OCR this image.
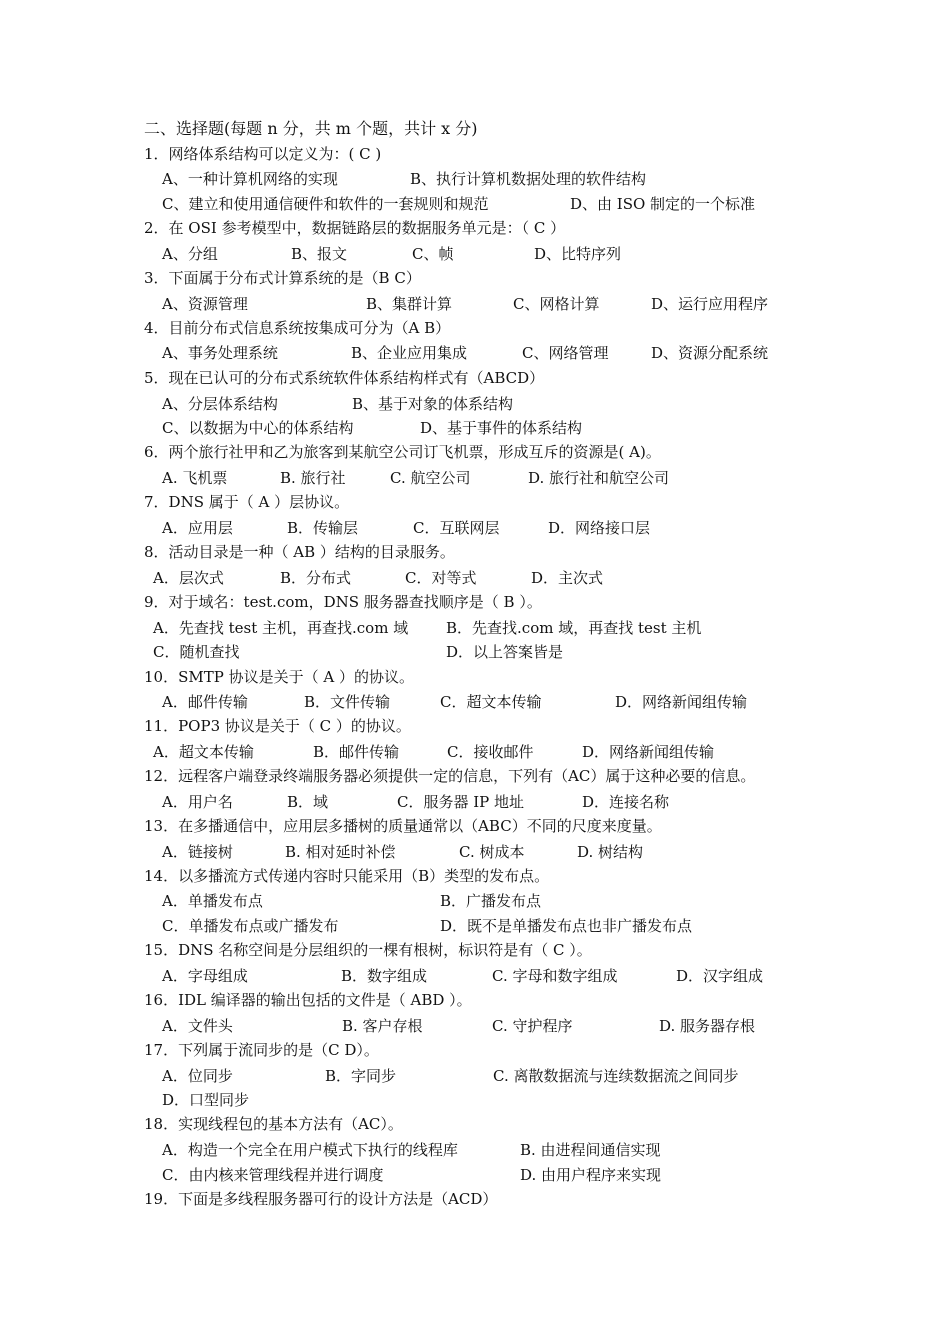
二、选择题(每题 n 分，共 m 个题，共计 x 分)
1．网络体系结构可以定义为：( C )
A、一种计算机网络的实现	B、执行计算机数据处理的软件结构
C、建立和使用通信硬件和软件的一套规则和规范	D、由 ISO 制定的一个标准
2．在 OSI 参考模型中，数据链路层的数据服务单元是：（ C ）
A、分组	B、报文	C、帧	D、比特序列
3．下面属于分布式计算系统的是（B C）
A、资源管理	B、集群计算	C、网格计算	D、运行应用程序
4．目前分布式信息系统按集成可分为（A B）
A、事务处理系统	B、企业应用集成	C、网络管理	D、资源分配系统
5．现在已认可的分布式系统软件体系结构样式有（ABCD）
A、分层体系结构	B、基于对象的体系结构
C、以数据为中心的体系结构	D、基于事件的体系结构
6．两个旅行社甲和乙为旅客到某航空公司订飞机票，形成互斥的资源是( A)。
A. 飞机票	B. 旅行社	C. 航空公司	D. 旅行社和航空公司
7．DNS 属于（ A ）层协议。
A．应用层	B．传输层	C．互联网层	D．网络接口层
8．活动目录是一种（ AB ）结构的目录服务。
A．层次式	B．分布式	C．对等式	D．主次式
9．对于域名：test.com，DNS 服务器查找顺序是（ B ）。
A．先查找 test 主机，再查找.com 域	B．先查找.com 域，再查找 test 主机
C．随机查找	D．以上答案皆是
10．SMTP 协议是关于（ A ）的协议。
A．邮件传输	B．文件传输	C．超文本传输	D．网络新闻组传输
11．POP3 协议是关于（ C ）的协议。
A．超文本传输	B．邮件传输	C．接收邮件	D．网络新闻组传输
12．远程客户端登录终端服务器必须提供一定的信息，下列有（AC）属于这种必要的信息。
A．用户名	B．域	C．服务器 IP 地址	D．连接名称
13．在多播通信中，应用层多播树的质量通常以（ABC）不同的尺度来度量。
A．链接树	B. 相对延时补偿	C. 树成本	D. 树结构
14．以多播流方式传递内容时只能采用（B）类型的发布点。
A．单播发布点	B．广播发布点
C．单播发布点或广播发布	D．既不是单播发布点也非广播发布点
15．DNS 名称空间是分层组织的一棵有根树，标识符是有（ C ）。
A．字母组成	B．数字组成	C. 字母和数字组成	D．汉字组成
16．IDL 编译器的输出包括的文件是（ ABD ）。
A．文件头	B. 客户存根	C. 守护程序	D. 服务器存根
17．下列属于流同步的是（C D）。
A．位同步	B．字同步	C. 离散数据流与连续数据流之间同步
D．口型同步
18．实现线程包的基本方法有（AC）。
A．构造一个完全在用户模式下执行的线程库	B. 由进程间通信实现
C．由内核来管理线程并进行调度	D. 由用户程序来实现
19．下面是多线程服务器可行的设计方法是（ACD）
